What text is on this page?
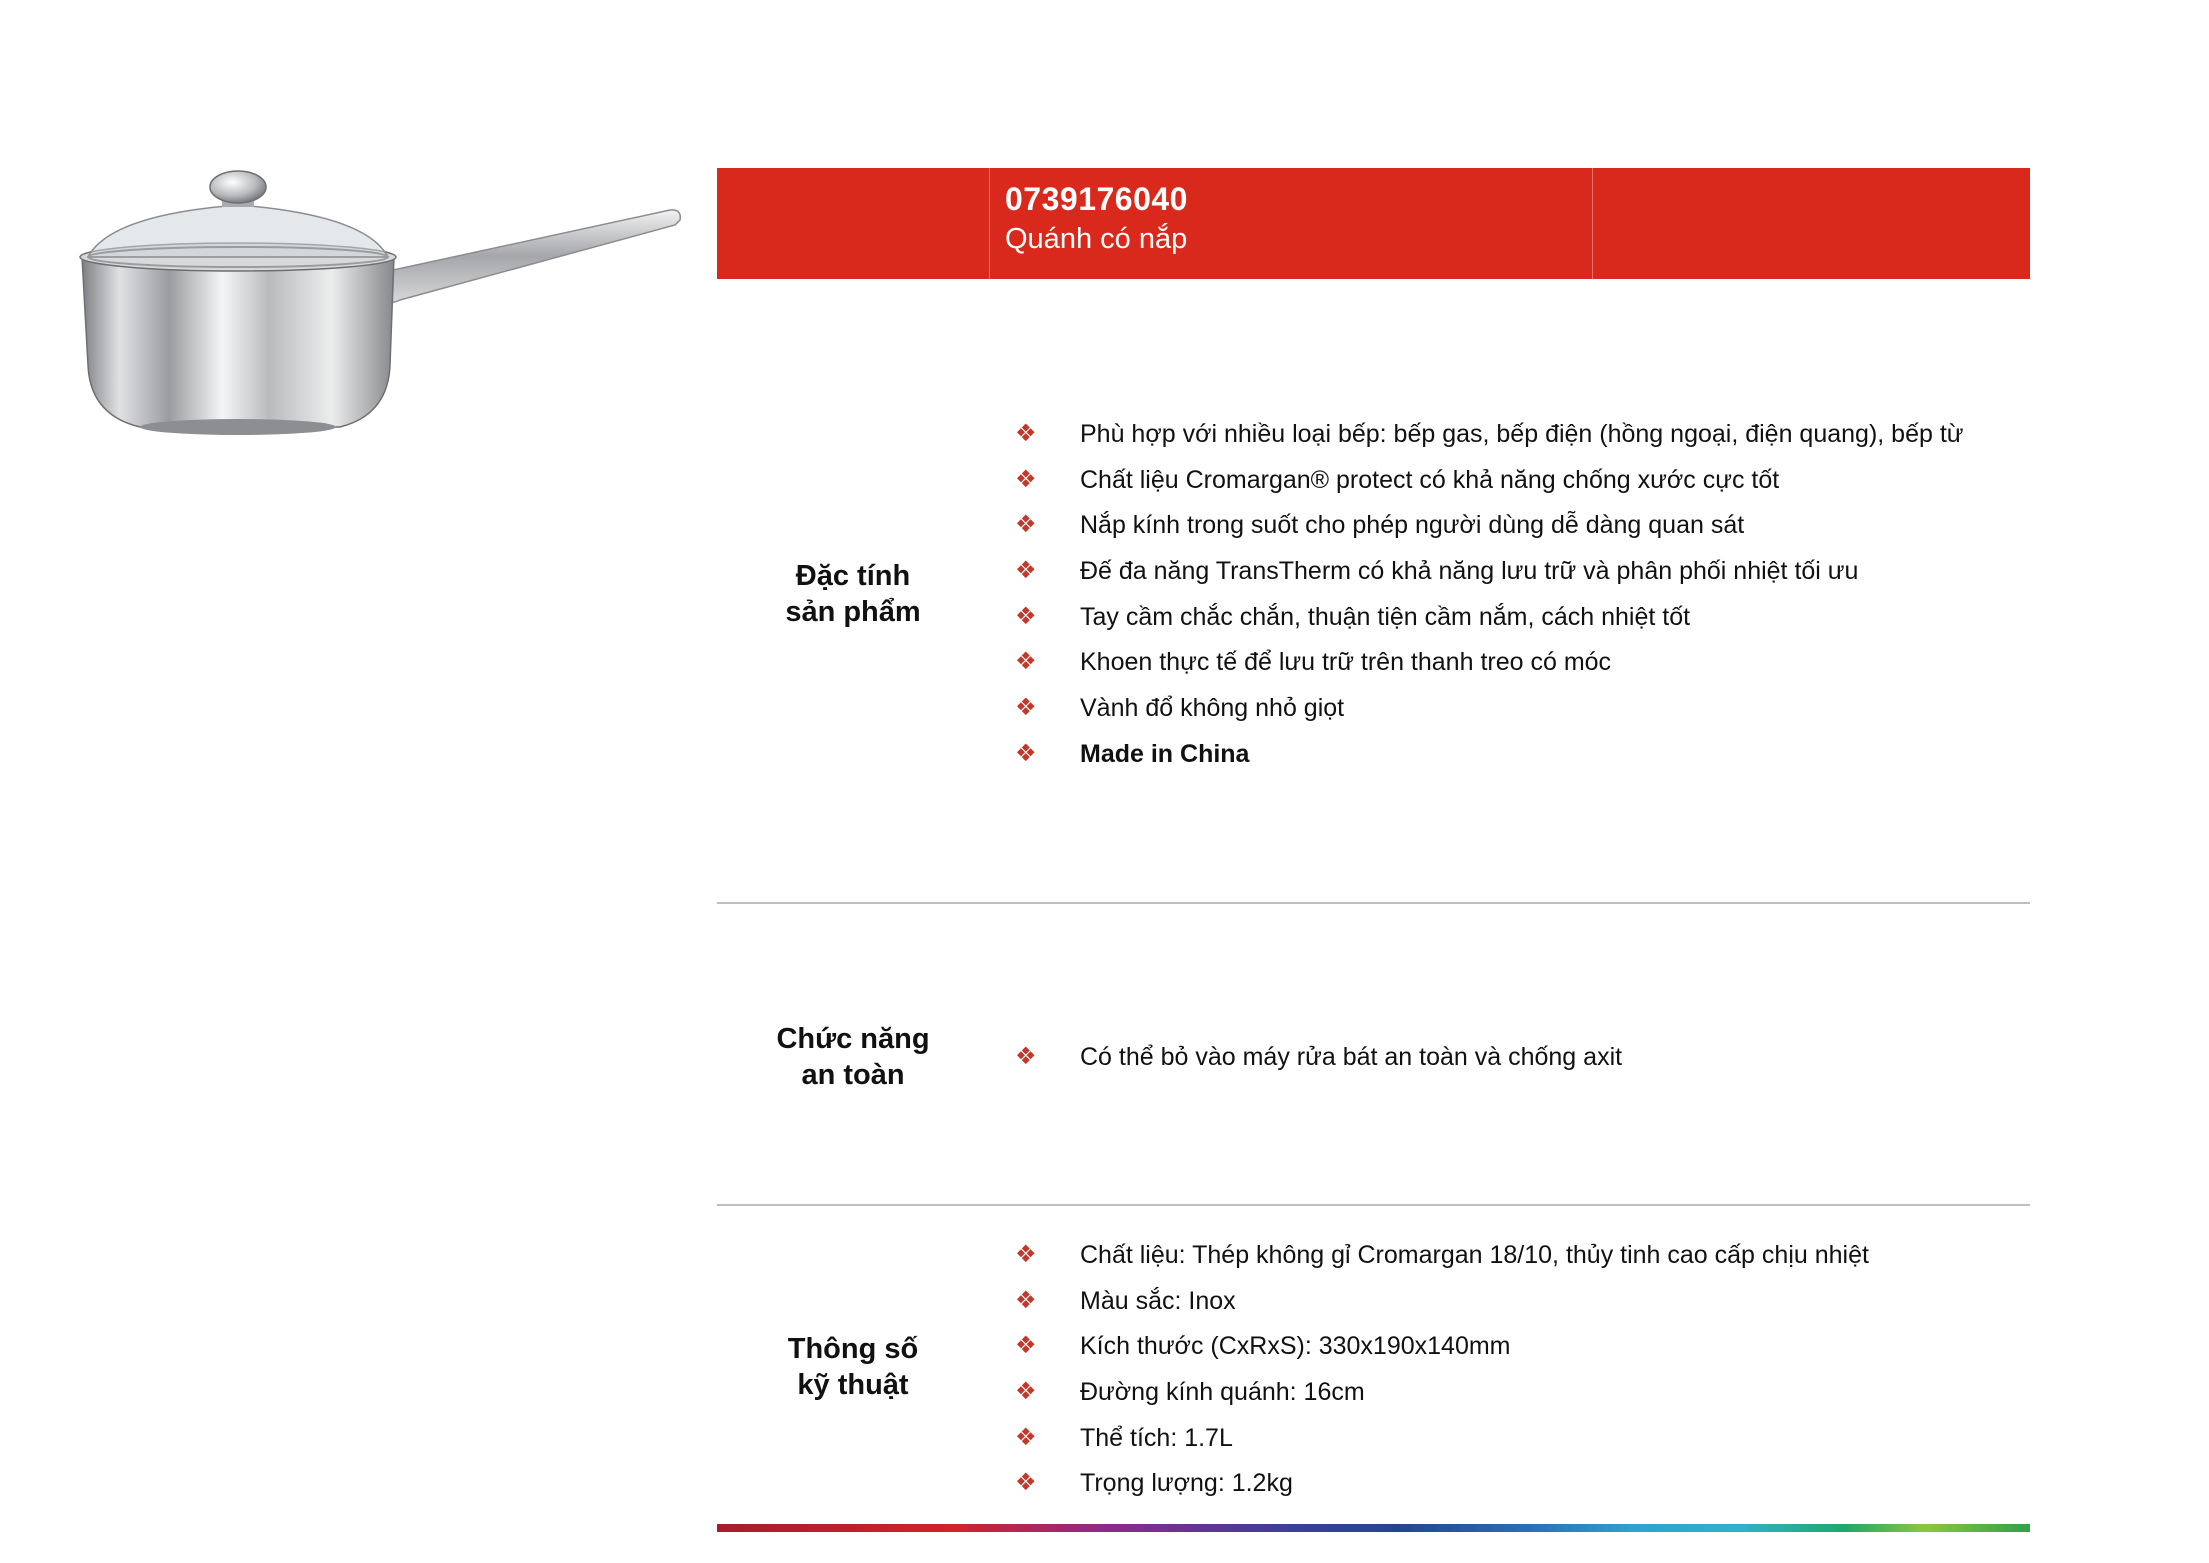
0739176040
Quánh có nắp
Đặc tính
sản phẩm
❖ Phù hợp với nhiều loại bếp: bếp gas, bếp điện (hồng ngoại, điện quang), bếp từ
❖ Chất liệu Cromargan® protect có khả năng chống xước cực tốt
❖ Nắp kính trong suốt cho phép người dùng dễ dàng quan sát
❖ Đế đa năng TransTherm có khả năng lưu trữ và phân phối nhiệt tối ưu
❖ Tay cầm chắc chắn, thuận tiện cầm nắm, cách nhiệt tốt
❖ Khoen thực tế để lưu trữ trên thanh treo có móc
❖ Vành đổ không nhỏ giọt
❖ Made in China
Chức năng
an toàn
❖ Có thể bỏ vào máy rửa bát an toàn và chống axit
Thông số
kỹ thuật
❖ Chất liệu: Thép không gỉ Cromargan 18/10, thủy tinh cao cấp chịu nhiệt
❖ Màu sắc: Inox
❖ Kích thước (CxRxS): 330x190x140mm
❖ Đường kính quánh: 16cm
❖ Thể tích: 1.7L
❖ Trọng lượng: 1.2kg
